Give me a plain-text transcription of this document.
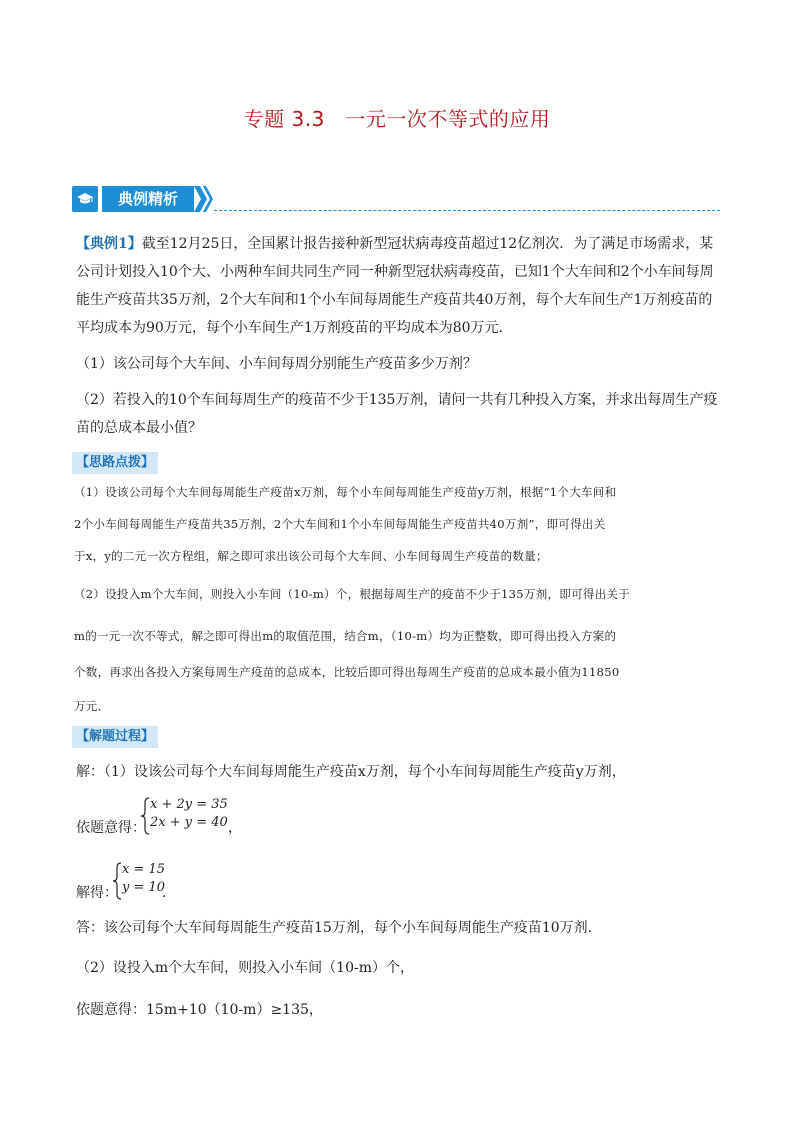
专题 3.3　一元一次不等式的应用
典例精析
【典例1】截至12月25日，全国累计报告接种新型冠状病毒疫苗超过12亿剂次．为了满足市场需求，某
公司计划投入10个大、小两种车间共同生产同一种新型冠状病毒疫苗，已知1个大车间和2个小车间每周
能生产疫苗共35万剂，2个大车间和1个小车间每周能生产疫苗共40万剂，每个大车间生产1万剂疫苗的
平均成本为90万元，每个小车间生产1万剂疫苗的平均成本为80万元．
（1）该公司每个大车间、小车间每周分别能生产疫苗多少万剂？
（2）若投入的10个车间每周生产的疫苗不少于135万剂，请问一共有几种投入方案，并求出每周生产疫
苗的总成本最小值？
【思路点拨】
（1）设该公司每个大车间每周能生产疫苗x万剂，每个小车间每周能生产疫苗y万剂，根据“1个大车间和
2个小车间每周能生产疫苗共35万剂，2个大车间和1个小车间每周能生产疫苗共40万剂”，即可得出关
于x，y的二元一次方程组，解之即可求出该公司每个大车间、小车间每周生产疫苗的数量；
（2）设投入m个大车间，则投入小车间（10-m）个，根据每周生产的疫苗不少于135万剂，即可得出关于
m的一元一次不等式，解之即可得出m的取值范围，结合m，（10-m）均为正整数，即可得出投入方案的
个数，再求出各投入方案每周生产疫苗的总成本，比较后即可得出每周生产疫苗的总成本最小值为11850
万元．
【解题过程】
解：（1）设该公司每个大车间每周能生产疫苗x万剂，每个小车间每周能生产疫苗y万剂，
依题意得：
x + 2y = 35
2x + y = 40 ，
解得：
x = 15
y = 10
．
答：该公司每个大车间每周能生产疫苗15万剂，每个小车间每周能生产疫苗10万剂．
（2）设投入m个大车间，则投入小车间（10-m）个，
依题意得：15m+10（10-m）≥135，
